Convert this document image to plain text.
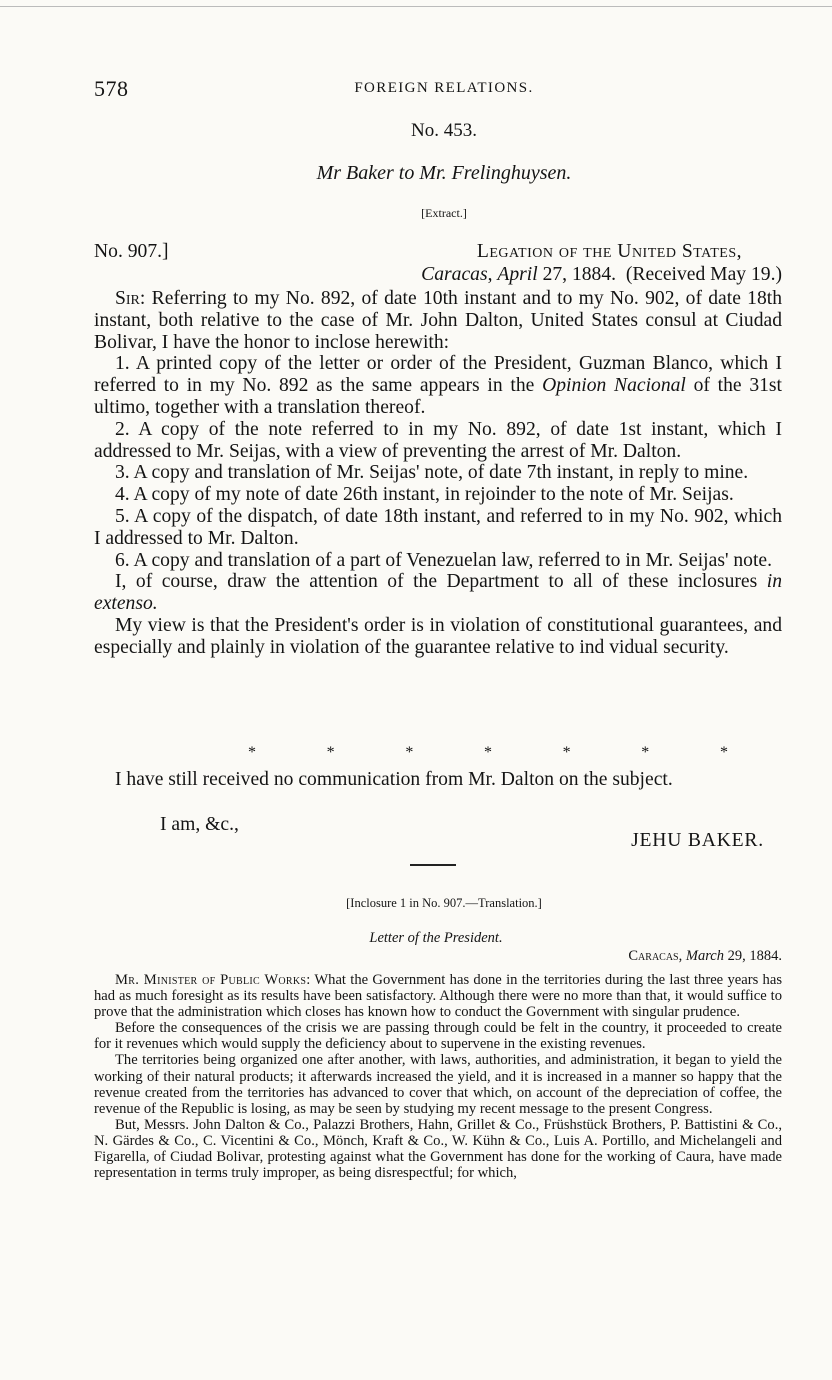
578	FOREIGN RELATIONS.
No. 453.
Mr Baker to Mr. Frelinghuysen.
[Extract.]
No. 907.]	Legation of the United States,
Caracas, April 27, 1884. (Received May 19.)

Sir: Referring to my No. 892, of date 10th instant and to my No. 902, of date 18th instant, both relative to the case of Mr. John Dalton, United States consul at Ciudad Bolivar, I have the honor to inclose herewith:

1. A printed copy of the letter or order of the President, Guzman Blanco, which I referred to in my No. 892 as the same appears in the Opinion Nacional of the 31st ultimo, together with a translation thereof.

2. A copy of the note referred to in my No. 892, of date 1st instant, which I addressed to Mr. Seijas, with a view of preventing the arrest of Mr. Dalton.

3. A copy and translation of Mr. Seijas' note, of date 7th instant, in reply to mine.

4. A copy of my note of date 26th instant, in rejoinder to the note of Mr. Seijas.

5. A copy of the dispatch, of date 18th instant, and referred to in my No. 902, which I addressed to Mr. Dalton.

6. A copy and translation of a part of Venezuelan law, referred to in Mr. Seijas' note.

I, of course, draw the attention of the Department to all of these inclosures in extenso.

My view is that the President's order is in violation of constitutional guarantees, and especially and plainly in violation of the guarantee relative to ind vidual security.

*	*	*	*	*	*	*

I have still received no communication from Mr. Dalton on the subject.

I am, &c.,
JEHU BAKER.
[Inclosure 1 in No. 907.—Translation.]
Letter of the President.
Caracas, March 29, 1884.

Mr. Minister of Public Works: What the Government has done in the territories during the last three years has had as much foresight as its results have been satisfactory. Although there were no more than that, it would suffice to prove that the administration which closes has known how to conduct the Government with singular prudence.

Before the consequences of the crisis we are passing through could be felt in the country, it proceeded to create for it revenues which would supply the deficiency about to supervene in the existing revenues.

The territories being organized one after another, with laws, authorities, and administration, it began to yield the working of their natural products; it afterwards increased the yield, and it is increased in a manner so happy that the revenue created from the territories has advanced to cover that which, on account of the depreciation of coffee, the revenue of the Republic is losing, as may be seen by studying my recent message to the present Congress.

But, Messrs. John Dalton & Co., Palazzi Brothers, Hahn, Grillet & Co., Früshstück Brothers, P. Battistini & Co., N. Gärdes & Co., C. Vicentini & Co., Mönch, Kraft & Co., W. Kühn & Co., Luis A. Portillo, and Michelangeli and Figarella, of Ciudad Bolivar, protesting against what the Government has done for the working of Caura, have made representation in terms truly improper, as being disrespectful; for which,
